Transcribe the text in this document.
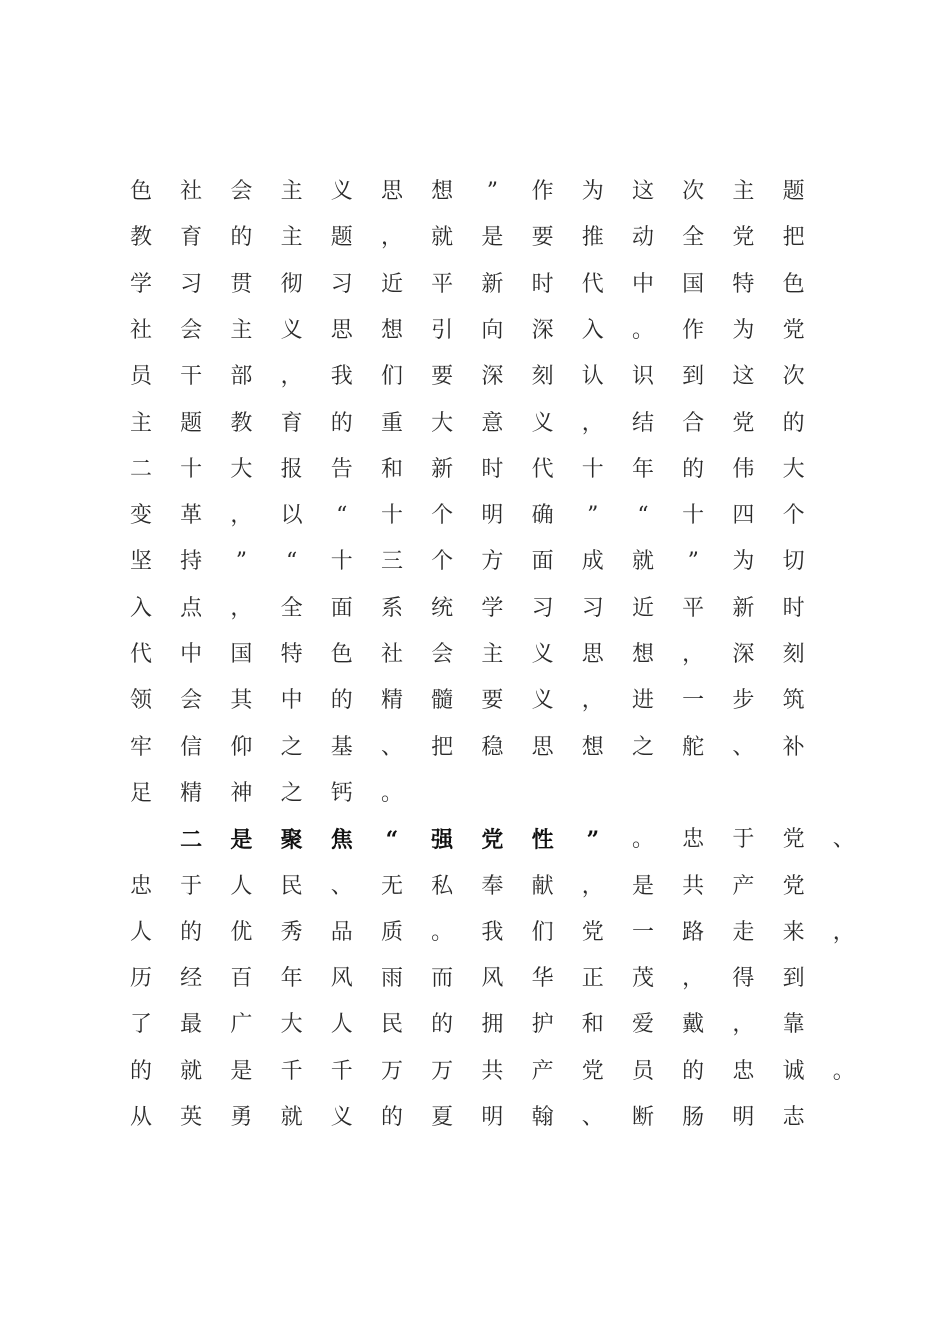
色 社 会 主 义 思 想	”	作 为 这 次 主 题
教 育 的 主 题 ， 就 是 要 推 动 全 党 把
学 习 贯 彻 习 近 平 新 时 代 中 国 特 色
社 会 主 义 思 想 引 向 深 入 。 作 为 党
员 干 部 ， 我 们 要 深 刻 认 识 到 这 次
主 题 教 育 的 重 大 意 义 ， 结 合 党 的
二 十 大 报 告 和 新 时 代 十 年 的 伟 大
变 革 ， 以	“	十 个 明 确	”	“	十 四 个
坚 持	”	“	十 三 个 方 面 成 就	”	为 切
入 点 ， 全 面 系 统 学 习 习 近 平 新 时
代 中 国 特 色 社 会 主 义 思 想 ， 深 刻
领 会 其 中 的 精 髓 要 义 ， 进 一 步 筑
牢 信 仰 之 基 、 把 稳 思 想 之 舵 、 补
足 精 神 之 钙 。
二 是 聚 焦	“	强 党 性	”	。 忠 于 党 、
忠 于 人 民 、 无 私 奉 献 ， 是 共 产 党
人 的 优 秀 品 质 。 我 们 党 一 路 走 来 ，
历 经 百 年 风 雨 而 风 华 正 茂 ， 得 到
了 最 广 大 人 民 的 拥 护 和 爱 戴 ， 靠
的 就 是 千 千 万 万 共 产 党 员 的 忠 诚 。
从 英 勇 就 义 的 夏 明 翰 、 断 肠 明 志
